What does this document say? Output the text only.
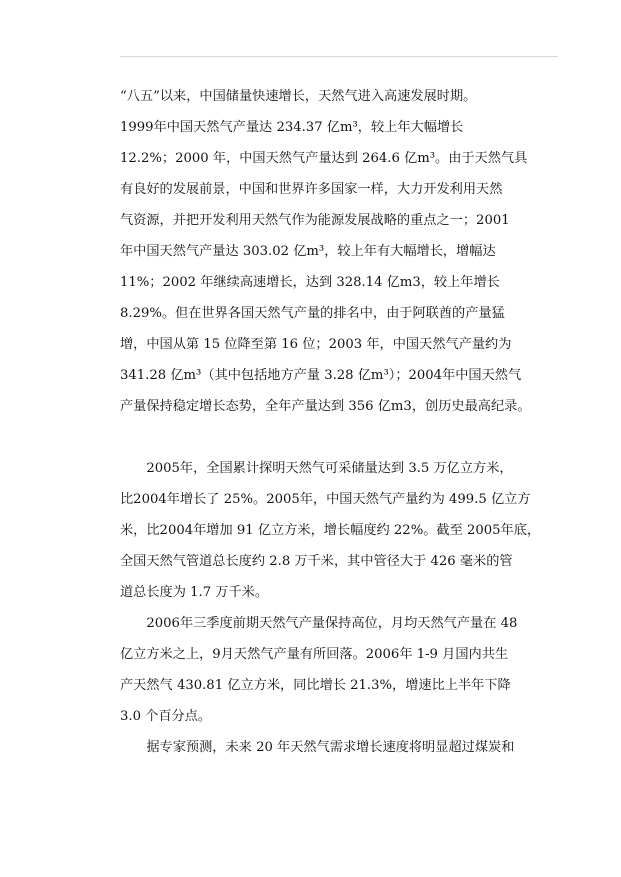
“八五”以来，中国储量快速增长，天然气进入高速发展时期。
1999年中国天然气产量达 234.37 亿m³，较上年大幅增长
12.2%；2000 年，中国天然气产量达到 264.6 亿m³。由于天然气具
有良好的发展前景，中国和世界许多国家一样，大力开发利用天然
气资源，并把开发利用天然气作为能源发展战略的重点之一；2001
年中国天然气产量达 303.02 亿m³，较上年有大幅增长，增幅达
11%；2002 年继续高速增长，达到 328.14 亿m3，较上年增长
8.29%。但在世界各国天然气产量的排名中，由于阿联酋的产量猛
增，中国从第 15 位降至第 16 位；2003 年，中国天然气产量约为
341.28 亿m³（其中包括地方产量 3.28 亿m³）；2004年中国天然气
产量保持稳定增长态势，全年产量达到 356 亿m3，创历史最高纪录。
　　2005年，全国累计探明天然气可采储量达到 3.5 万亿立方米，
比2004年增长了 25%。2005年，中国天然气产量约为 499.5 亿立方
米，比2004年增加 91 亿立方米，增长幅度约 22%。截至 2005年底，
全国天然气管道总长度约 2.8 万千米，其中管径大于 426 毫米的管
道总长度为 1.7 万千米。
　　2006年三季度前期天然气产量保持高位，月均天然气产量在 48
亿立方米之上，9月天然气产量有所回落。2006年 1-9 月国内共生
产天然气 430.81 亿立方米，同比增长 21.3%，增速比上半年下降
3.0 个百分点。
　　据专家预测，未来 20 年天然气需求增长速度将明显超过煤炭和
